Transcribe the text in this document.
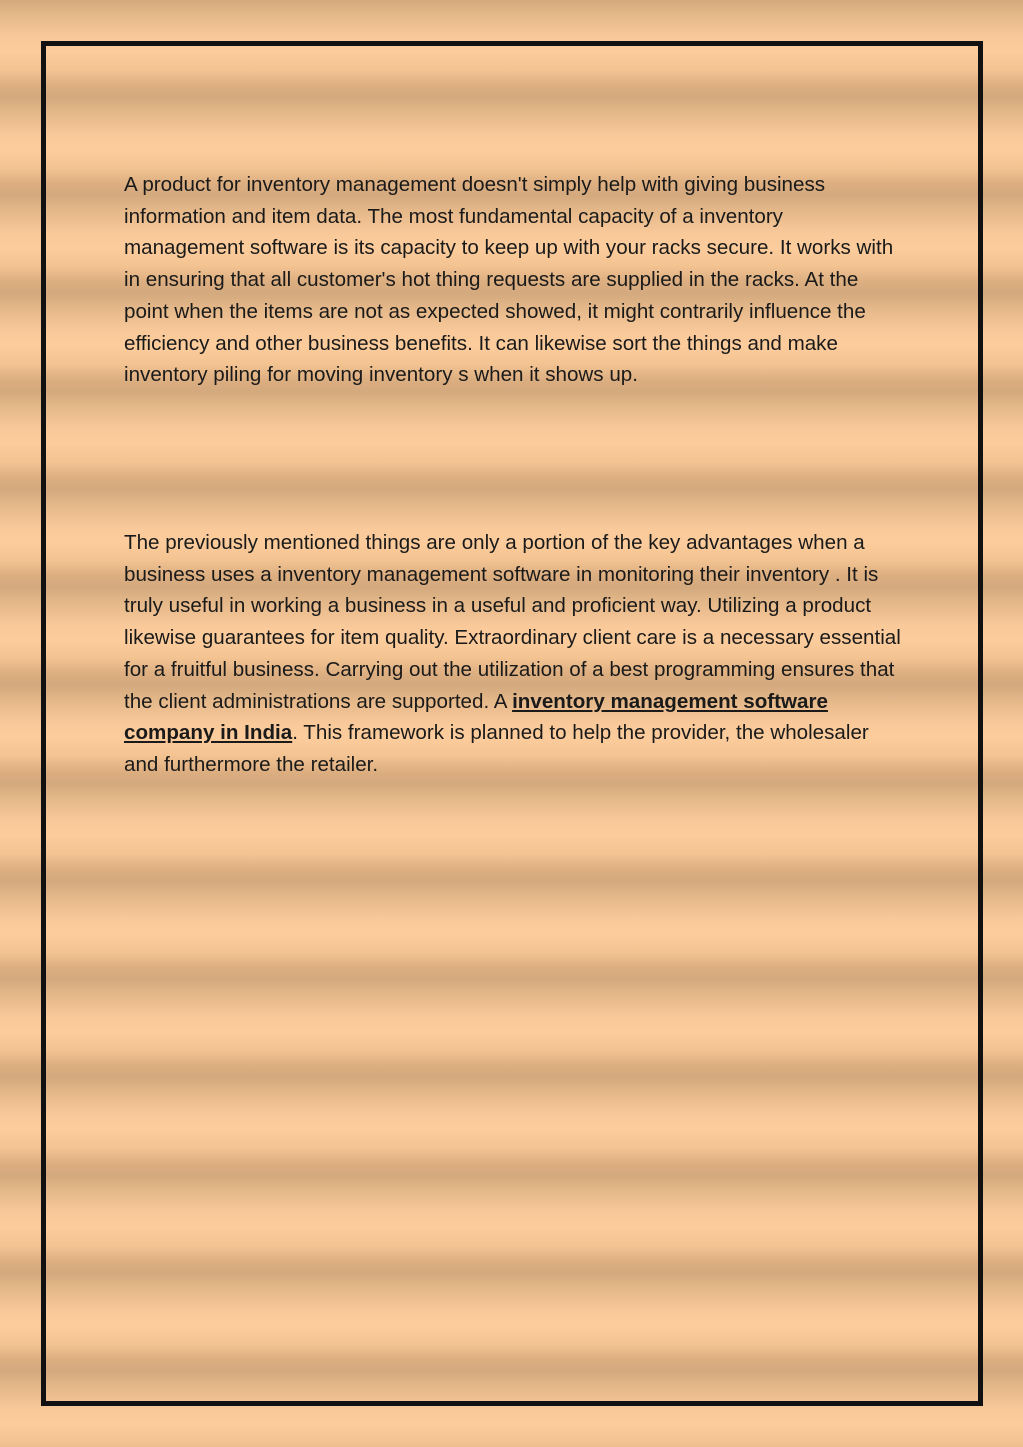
A product for inventory management doesn't simply help with giving business information and item data. The most fundamental capacity of a inventory management software is its capacity to keep up with your racks secure. It works with in ensuring that all customer's hot thing requests are supplied in the racks. At the point when the items are not as expected showed, it might contrarily influence the efficiency and other business benefits. It can likewise sort the things and make inventory piling for moving inventory s when it shows up.

The previously mentioned things are only a portion of the key advantages when a business uses a inventory management software in monitoring their inventory . It is truly useful in working a business in a useful and proficient way. Utilizing a product likewise guarantees for item quality. Extraordinary client care is a necessary essential for a fruitful business. Carrying out the utilization of a best programming ensures that the client administrations are supported. A inventory management software company in India. This framework is planned to help the provider, the wholesaler and furthermore the retailer.
